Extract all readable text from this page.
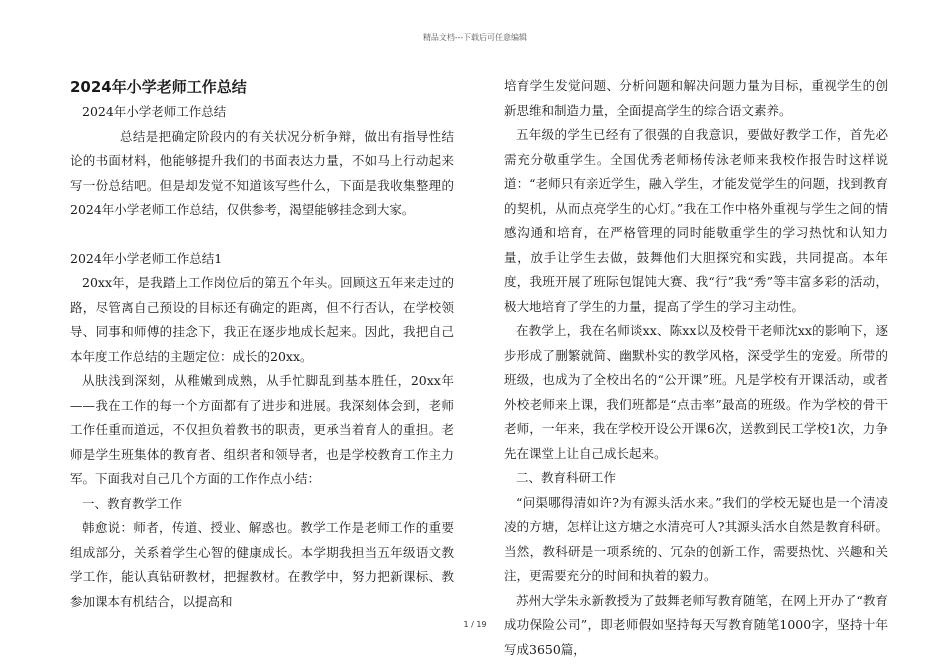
精品文档---下载后可任意编辑

2024年小学老师工作总结

2024年小学老师工作总结

总结是把确定阶段内的有关状况分析争辩，做出有指导性结论的书面材料，他能够提升我们的书面表达力量，不如马上行动起来写一份总结吧。但是却发觉不知道该写些什么，下面是我收集整理的2024年小学老师工作总结，仅供参考，渴望能够挂念到大家。

2024年小学老师工作总结1

20xx年，是我踏上工作岗位后的第五个年头。回顾这五年来走过的路，尽管离自己预设的目标还有确定的距离，但不行否认，在学校领导、同事和师傅的挂念下，我正在逐步地成长起来。因此，我把自己本年度工作总结的主题定位：成长的20xx。

从肤浅到深刻，从稚嫩到成熟，从手忙脚乱到基本胜任，20xx年——我在工作的每一个方面都有了进步和进展。我深刻体会到，老师工作任重而道远，不仅担负着教书的职责，更承当着育人的重担。老师是学生班集体的教育者、组织者和领导者，也是学校教育工作主力军。下面我对自己几个方面的工作作点小结：

一、教育教学工作

韩愈说：师者，传道、授业、解惑也。教学工作是老师工作的重要组成部分，关系着学生心智的健康成长。本学期我担当五年级语文教学工作，能认真钻研教材，把握教材。在教学中，努力把新课标、教参加课本有机结合，以提高和

培育学生发觉问题、分析问题和解决问题力量为目标，重视学生的创新思维和制造力量，全面提高学生的综合语文素养。

五年级的学生已经有了很强的自我意识，要做好教学工作，首先必需充分敬重学生。全国优秀老师杨传泳老师来我校作报告时这样说道：“老师只有亲近学生，融入学生，才能发觉学生的问题，找到教育的契机，从而点亮学生的心灯。”我在工作中格外重视与学生之间的情感沟通和培育，在严格管理的同时能敬重学生的学习热忱和认知力量，放手让学生去做，鼓舞他们大胆探究和实践，共同提高。本年度，我班开展了班际包馄饨大赛、我“行”我“秀”等丰富多彩的活动，极大地培育了学生的力量，提高了学生的学习主动性。

在教学上，我在名师谈xx、陈xx以及校骨干老师沈xx的影响下，逐步形成了删繁就简、幽默朴实的教学风格，深受学生的宠爱。所带的班级，也成为了全校出名的“公开课”班。凡是学校有开课活动，或者外校老师来上课，我们班都是“点击率”最高的班级。作为学校的骨干老师，一年来，我在学校开设公开课6次，送教到民工学校1次，力争先在课堂上让自己成长起来。

二、教育科研工作

“问渠哪得清如许?为有源头活水来。”我们的学校无疑也是一个清凌凌的方塘，怎样让这方塘之水清亮可人?其源头活水自然是教育科研。当然，教科研是一项系统的、冗杂的创新工作，需要热忱、兴趣和关注，更需要充分的时间和执着的毅力。

苏州大学朱永新教授为了鼓舞老师写教育随笔，在网上开办了“教育成功保险公司”，即老师假如坚持每天写教育随笔1000字，坚持十年写成3650篇，

1 / 19
